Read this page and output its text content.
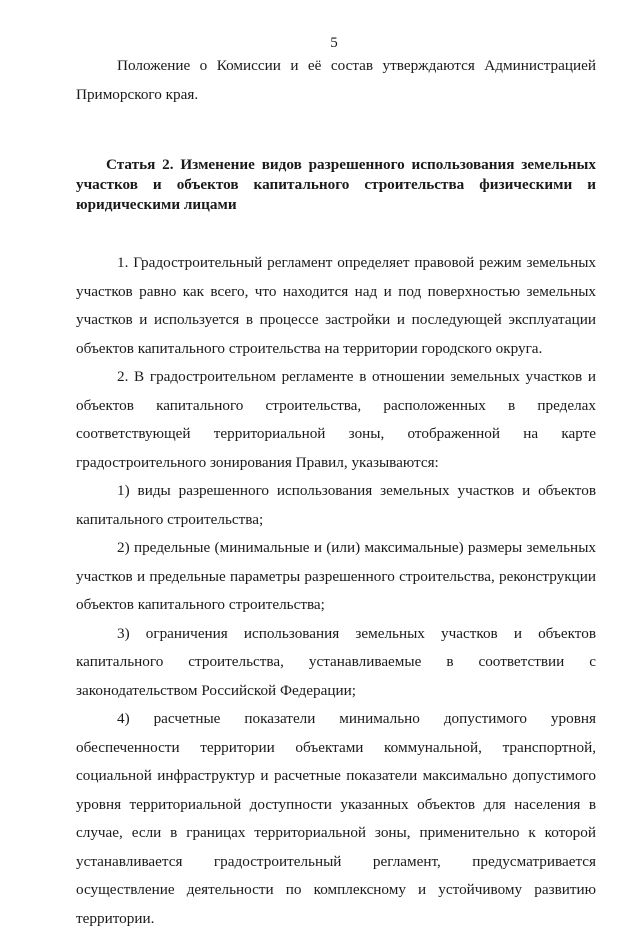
5

Положение о Комиссии и её состав утверждаются Администрацией Приморского края.

Статья 2. Изменение видов разрешенного использования земельных участков и объектов капитального строительства физическими и юридическими лицами

1. Градостроительный регламент определяет правовой режим земельных участков равно как всего, что находится над и под поверхностью земельных участков и используется в процессе застройки и последующей эксплуатации объектов капитального строительства на территории городского округа.

2. В градостроительном регламенте в отношении земельных участков и объектов капитального строительства, расположенных в пределах соответствующей территориальной зоны, отображенной на карте градостроительного зонирования Правил, указываются:

1) виды разрешенного использования земельных участков и объектов капитального строительства;

2) предельные (минимальные и (или) максимальные) размеры земельных участков и предельные параметры разрешенного строительства, реконструкции объектов капитального строительства;

3) ограничения использования земельных участков и объектов капитального строительства, устанавливаемые в соответствии с законодательством Российской Федерации;

4) расчетные показатели минимально допустимого уровня обеспеченности территории объектами коммунальной, транспортной, социальной инфраструктур и расчетные показатели максимально допустимого уровня территориальной доступности указанных объектов для населения в случае, если в границах территориальной зоны, применительно к которой устанавливается градостроительный регламент, предусматривается осуществление деятельности по комплексному и устойчивому развитию территории.
